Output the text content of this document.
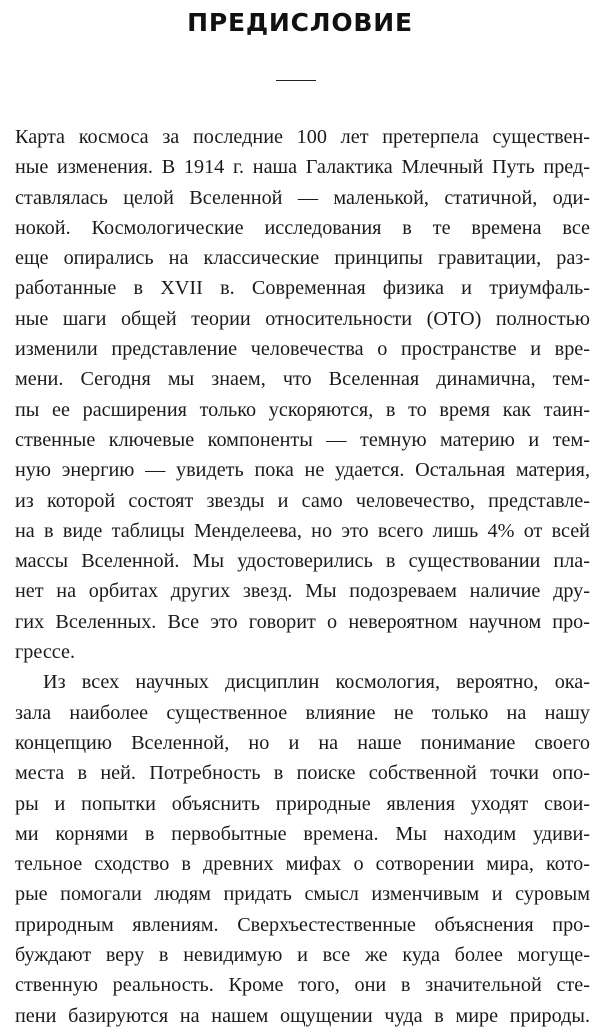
ПРЕДИСЛОВИЕ
Карта космоса за последние 100 лет претерпела существен-
ные изменения. В 1914 г. наша Галактика Млечный Путь пред-
ставлялась целой Вселенной — маленькой, статичной, оди-
нокой. Космологические исследования в те времена все
еще опирались на классические принципы гравитации, раз-
работанные в XVII в. Современная физика и триумфаль-
ные шаги общей теории относительности (ОТО) полностью
изменили представление человечества о пространстве и вре-
мени. Сегодня мы знаем, что Вселенная динамична, тем-
пы ее расширения только ускоряются, в то время как таин-
ственные ключевые компоненты — темную материю и тем-
ную энергию — увидеть пока не удается. Остальная материя,
из которой состоят звезды и само человечество, представле-
на в виде таблицы Менделеева, но это всего лишь 4% от всей
массы Вселенной. Мы удостоверились в существовании пла-
нет на орбитах других звезд. Мы подозреваем наличие дру-
гих Вселенных. Все это говорит о невероятном научном про-
грессе.
Из всех научных дисциплин космология, вероятно, ока-
зала наиболее существенное влияние не только на нашу
концепцию Вселенной, но и на наше понимание своего
места в ней. Потребность в поиске собственной точки опо-
ры и попытки объяснить природные явления уходят свои-
ми корнями в первобытные времена. Мы находим удиви-
тельное сходство в древних мифах о сотворении мира, кото-
рые помогали людям придать смысл изменчивым и суровым
природным явлениям. Сверхъестественные объяснения про-
буждают веру в невидимую и все же куда более могуще-
ственную реальность. Кроме того, они в значительной сте-
пени базируются на нашем ощущении чуда в мире природы.
